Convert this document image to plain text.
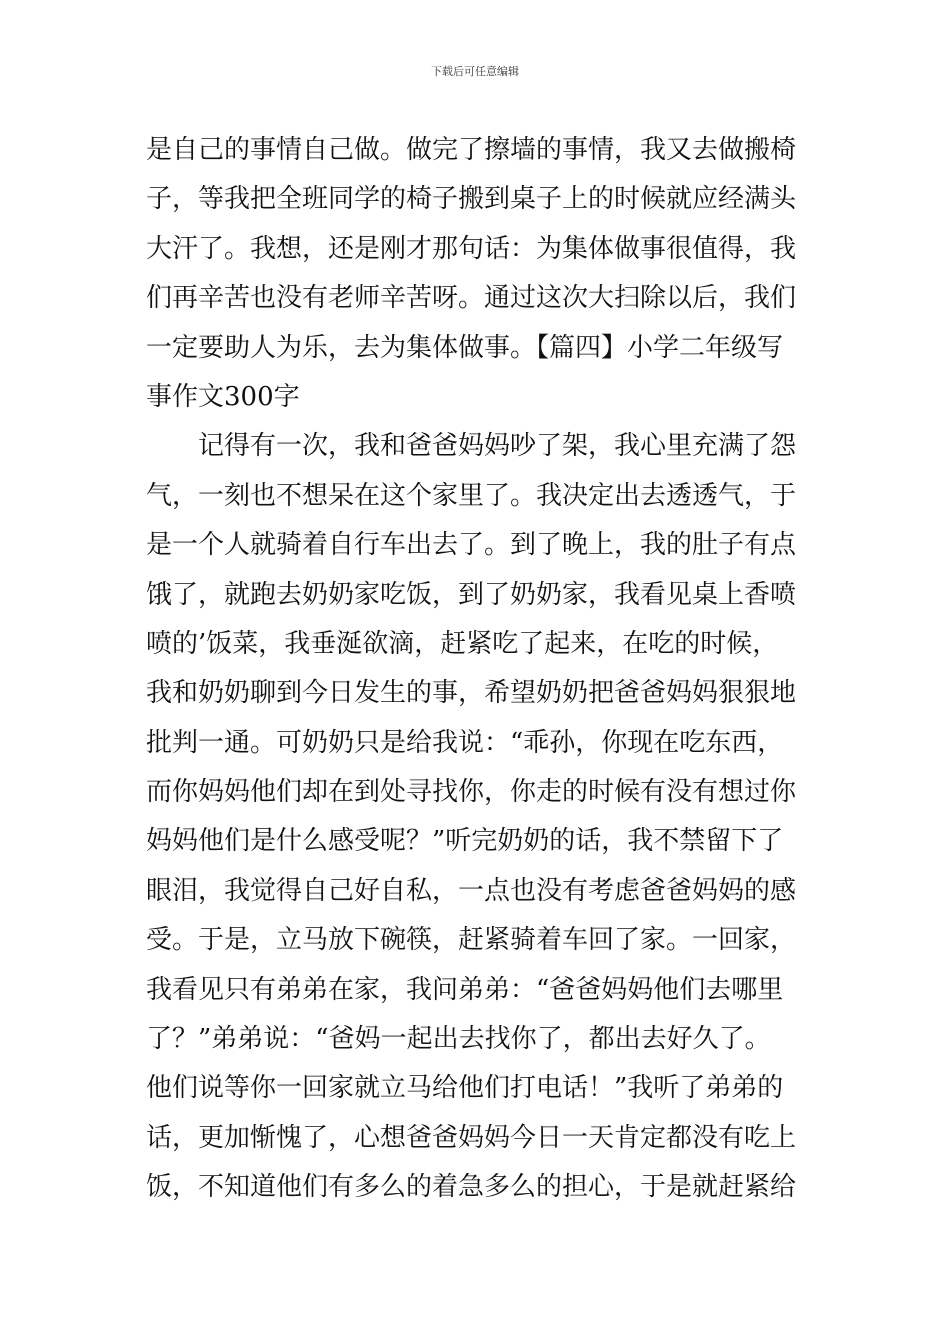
下载后可任意编辑
是自己的事情自己做。做完了擦墙的事情，我又去做搬椅
子，等我把全班同学的椅子搬到桌子上的时候就应经满头
大汗了。我想，还是刚才那句话：为集体做事很值得，我
们再辛苦也没有老师辛苦呀。通过这次大扫除以后，我们
一定要助人为乐，去为集体做事。【篇四】小学二年级写
事作文300字
　　记得有一次，我和爸爸妈妈吵了架，我心里充满了怨
气，一刻也不想呆在这个家里了。我决定出去透透气，于
是一个人就骑着自行车出去了。到了晚上，我的肚子有点
饿了，就跑去奶奶家吃饭，到了奶奶家，我看见桌上香喷
喷的’饭菜，我垂涎欲滴，赶紧吃了起来，在吃的时候，
我和奶奶聊到今日发生的事，希望奶奶把爸爸妈妈狠狠地
批判一通。可奶奶只是给我说：“乖孙，你现在吃东西，
而你妈妈他们却在到处寻找你，你走的时候有没有想过你
妈妈他们是什么感受呢？”听完奶奶的话，我不禁留下了
眼泪，我觉得自己好自私，一点也没有考虑爸爸妈妈的感
受。于是，立马放下碗筷，赶紧骑着车回了家。一回家，
我看见只有弟弟在家，我问弟弟：“爸爸妈妈他们去哪里
了？”弟弟说：“爸妈一起出去找你了，都出去好久了。
他们说等你一回家就立马给他们打电话！”我听了弟弟的
话，更加惭愧了，心想爸爸妈妈今日一天肯定都没有吃上
饭，不知道他们有多么的着急多么的担心，于是就赶紧给
